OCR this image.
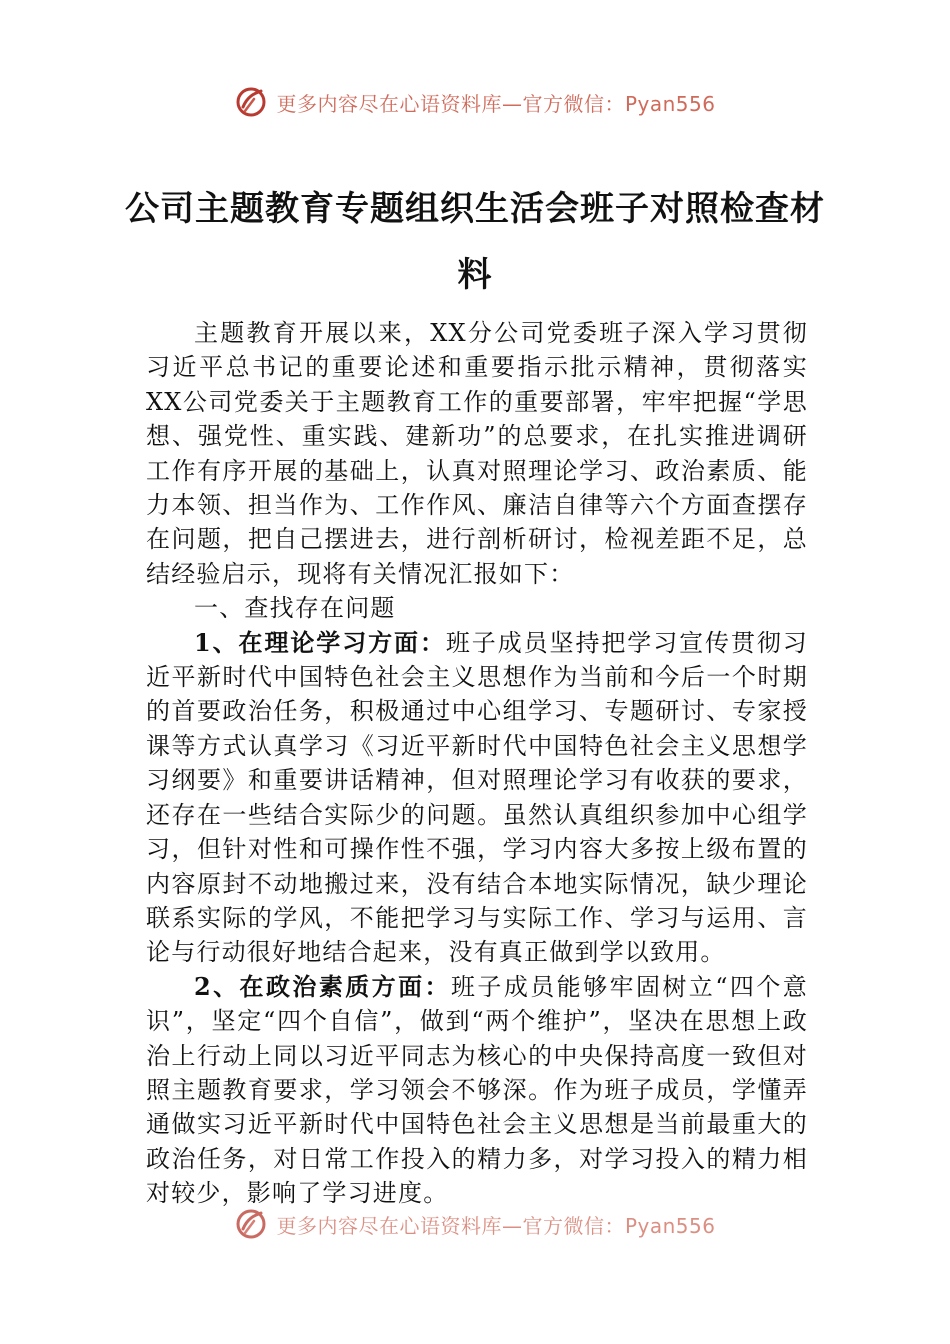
更多内容尽在心语资料库—官方微信：Pyan556
公司主题教育专题组织生活会班子对照检查材料

主题教育开展以来，XX分公司党委班子深入学习贯彻习近平总书记的重要论述和重要指示批示精神，贯彻落实XX公司党委关于主题教育工作的重要部署，牢牢把握“学思想、强党性、重实践、建新功”的总要求，在扎实推进调研工作有序开展的基础上，认真对照理论学习、政治素质、能力本领、担当作为、工作作风、廉洁自律等六个方面查摆存在问题，把自己摆进去，进行剖析研讨，检视差距不足，总结经验启示，现将有关情况汇报如下：

一、查找存在问题

1、在理论学习方面：班子成员坚持把学习宣传贯彻习近平新时代中国特色社会主义思想作为当前和今后一个时期的首要政治任务，积极通过中心组学习、专题研讨、专家授课等方式认真学习《习近平新时代中国特色社会主义思想学习纲要》和重要讲话精神，但对照理论学习有收获的要求，还存在一些结合实际少的问题。虽然认真组织参加中心组学习，但针对性和可操作性不强，学习内容大多按上级布置的内容原封不动地搬过来，没有结合本地实际情况，缺少理论联系实际的学风，不能把学习与实际工作、学习与运用、言论与行动很好地结合起来，没有真正做到学以致用。

2、在政治素质方面：班子成员能够牢固树立“四个意识”，坚定“四个自信”，做到“两个维护”，坚决在思想上政治上行动上同以习近平同志为核心的中央保持高度一致但对照主题教育要求，学习领会不够深。作为班子成员，学懂弄通做实习近平新时代中国特色社会主义思想是当前最重大的政治任务，对日常工作投入的精力多，对学习投入的精力相对较少，影响了学习进度。

更多内容尽在心语资料库—官方微信：Pyan556
